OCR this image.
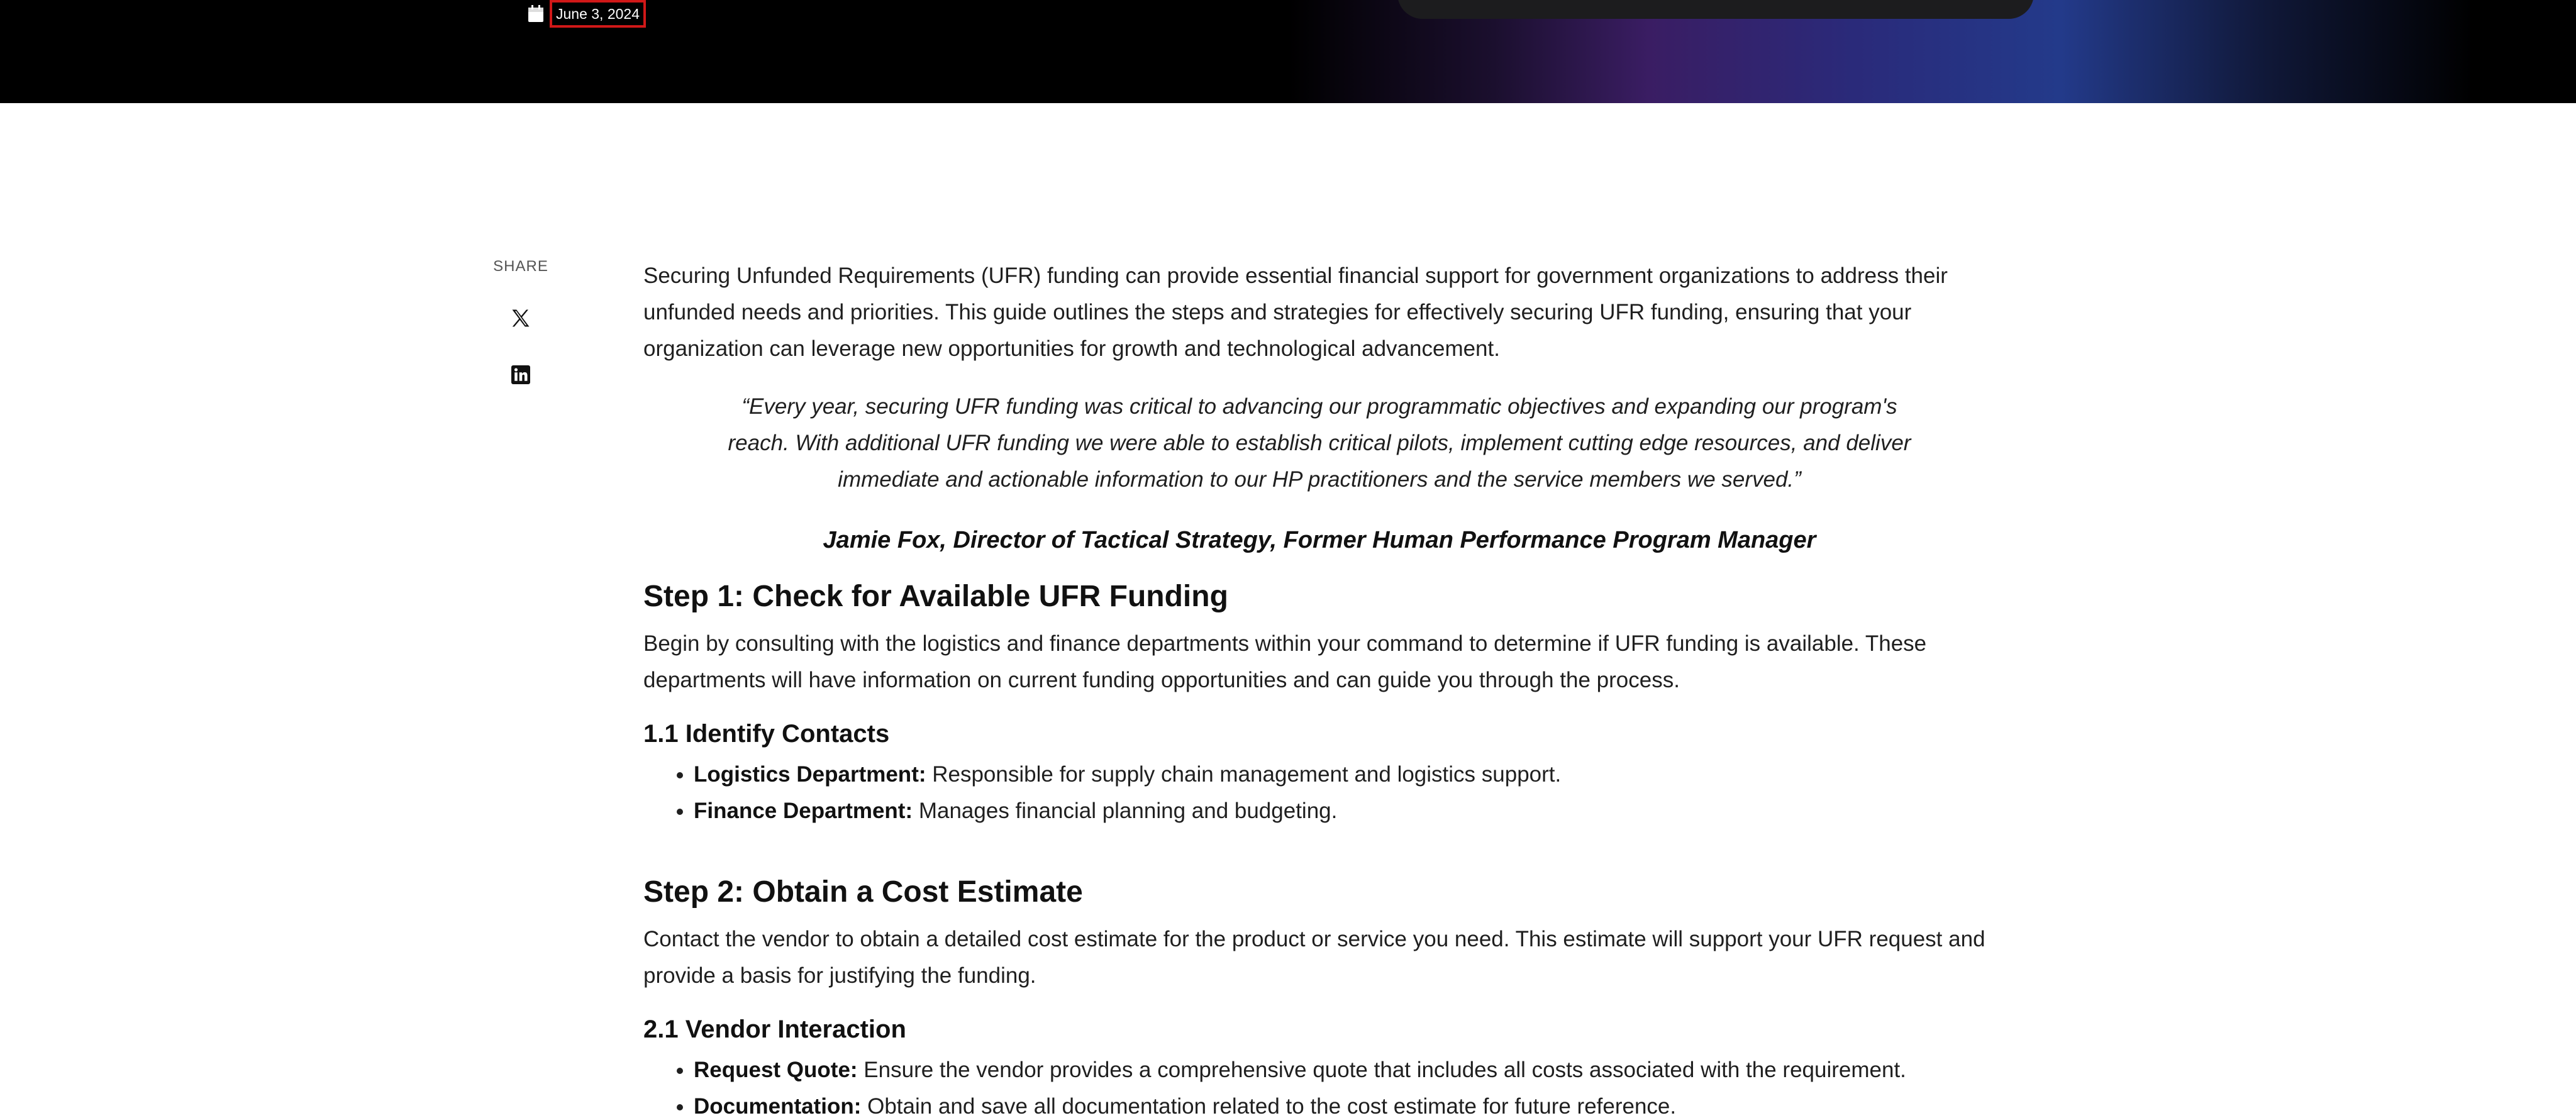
June 3, 2024
SHARE	Securing Unfunded Requirements (UFR) funding can provide essential financial support for government organizations to address their unfunded needs and priorities. This guide outlines the steps and strategies for effectively securing UFR funding, ensuring that your organization can leverage new opportunities for growth and technological advancement.

“Every year, securing UFR funding was critical to advancing our programmatic objectives and expanding our program's reach. With additional UFR funding we were able to establish critical pilots, implement cutting edge resources, and deliver immediate and actionable information to our HP practitioners and the service members we served.”

Jamie Fox, Director of Tactical Strategy, Former Human Performance Program Manager

Step 1: Check for Available UFR Funding

Begin by consulting with the logistics and finance departments within your command to determine if UFR funding is available. These departments will have information on current funding opportunities and can guide you through the process.

1.1 Identify Contacts
• Logistics Department: Responsible for supply chain management and logistics support.
• Finance Department: Manages financial planning and budgeting.
Step 2: Obtain a Cost Estimate

Contact the vendor to obtain a detailed cost estimate for the product or service you need. This estimate will support your UFR request and provide a basis for justifying the funding.

2.1 Vendor Interaction
• Request Quote: Ensure the vendor provides a comprehensive quote that includes all costs associated with the requirement.
• Documentation: Obtain and save all documentation related to the cost estimate for future reference.
